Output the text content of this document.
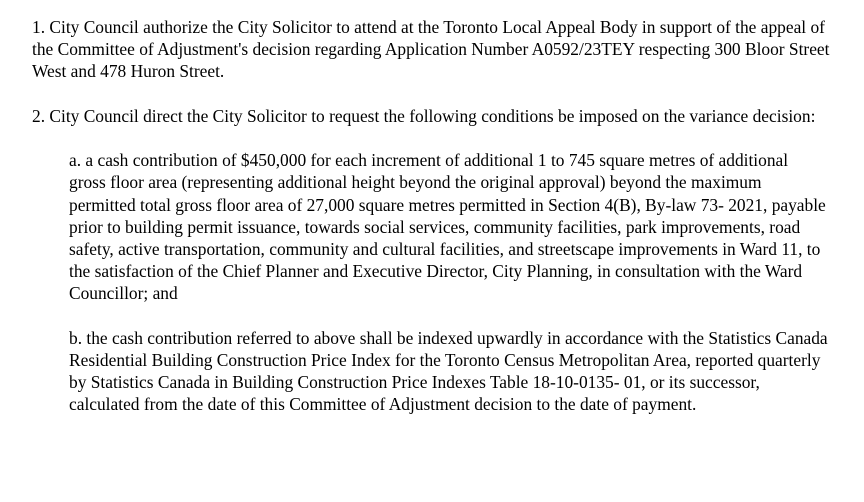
1. City Council authorize the City Solicitor to attend at the Toronto Local Appeal Body in support of the appeal of the Committee of Adjustment's decision regarding Application Number A0592/23TEY respecting 300 Bloor Street West and 478 Huron Street.

2. City Council direct the City Solicitor to request the following conditions be imposed on the variance decision:

a. a cash contribution of $450,000 for each increment of additional 1 to 745 square metres of additional gross floor area (representing additional height beyond the original approval) beyond the maximum permitted total gross floor area of 27,000 square metres permitted in Section 4(B), By-law 73- 2021, payable prior to building permit issuance, towards social services, community facilities, park improvements, road safety, active transportation, community and cultural facilities, and streetscape improvements in Ward 11, to the satisfaction of the Chief Planner and Executive Director, City Planning, in consultation with the Ward Councillor; and

b. the cash contribution referred to above shall be indexed upwardly in accordance with the Statistics Canada Residential Building Construction Price Index for the Toronto Census Metropolitan Area, reported quarterly by Statistics Canada in Building Construction Price Indexes Table 18-10-0135- 01, or its successor, calculated from the date of this Committee of Adjustment decision to the date of payment.
